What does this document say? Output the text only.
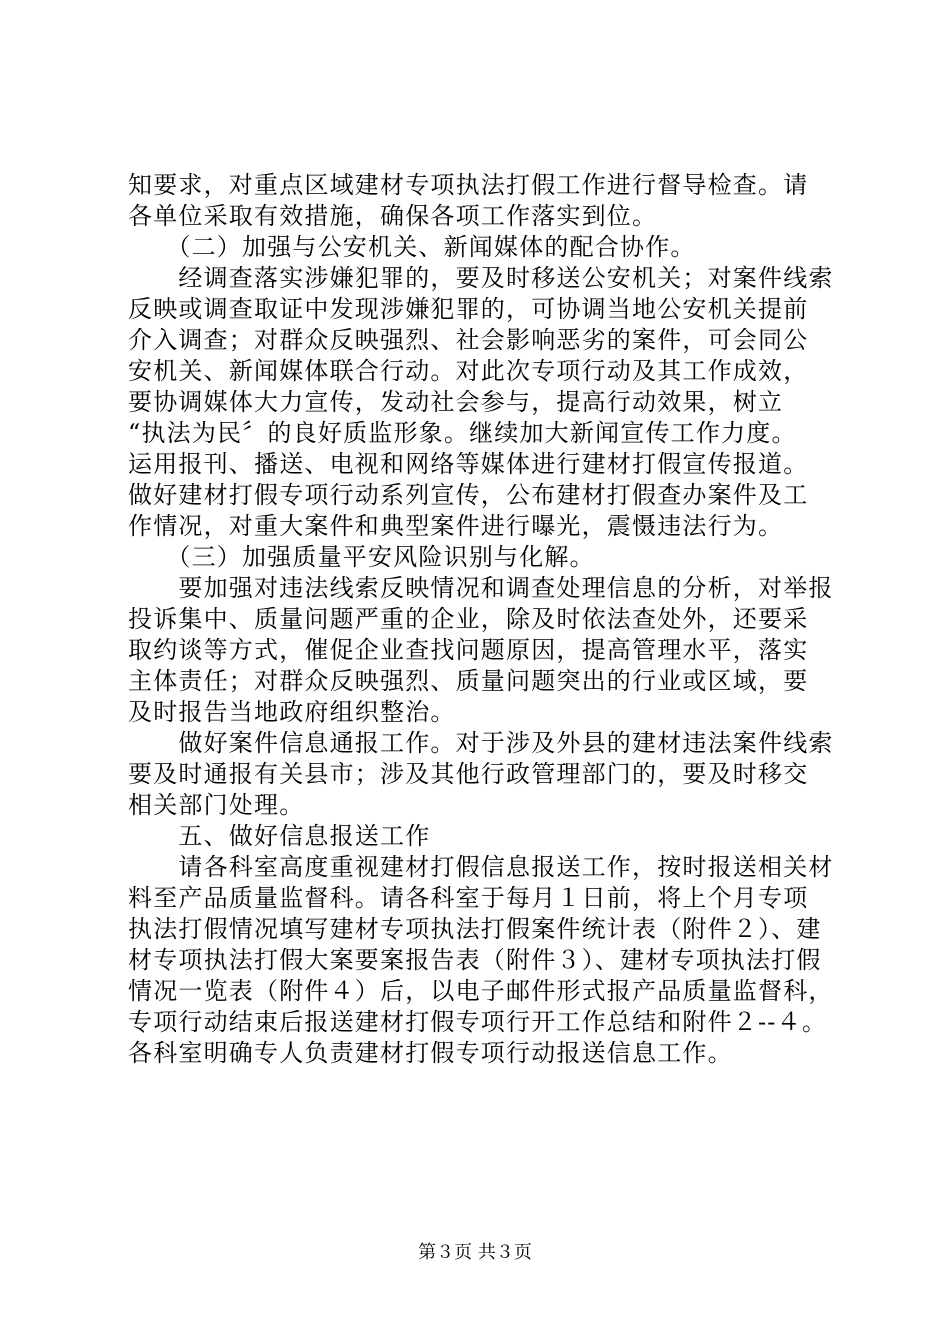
知要求，对重点区域建材专项执法打假工作进行督导检查。请
各单位采取有效措施，确保各项工作落实到位。
　　（二）加强与公安机关、新闻媒体的配合协作。
　　经调查落实涉嫌犯罪的，要及时移送公安机关；对案件线索
反映或调查取证中发现涉嫌犯罪的，可协调当地公安机关提前
介入调查；对群众反映强烈、社会影响恶劣的案件，可会同公
安机关、新闻媒体联合行动。对此次专项行动及其工作成效，
要协调媒体大力宣传，发动社会参与，提高行动效果，树立
“执法为民〞的良好质监形象。继续加大新闻宣传工作力度。
运用报刊、播送、电视和网络等媒体进行建材打假宣传报道。
做好建材打假专项行动系列宣传，公布建材打假查办案件及工
作情况，对重大案件和典型案件进行曝光，震慑违法行为。
　　（三）加强质量平安风险识别与化解。
　　要加强对违法线索反映情况和调查处理信息的分析，对举报
投诉集中、质量问题严重的企业，除及时依法查处外，还要采
取约谈等方式，催促企业查找问题原因，提高管理水平，落实
主体责任；对群众反映强烈、质量问题突出的行业或区域，要
及时报告当地政府组织整治。
　　做好案件信息通报工作。对于涉及外县的建材违法案件线索
要及时通报有关县市；涉及其他行政管理部门的，要及时移交
相关部门处理。
　　五、做好信息报送工作
　　请各科室高度重视建材打假信息报送工作，按时报送相关材
料至产品质量监督科。请各科室于每月１日前，将上个月专项
执法打假情况填写建材专项执法打假案件统计表（附件２）、建
材专项执法打假大案要案报告表（附件３）、建材专项执法打假
情况一览表（附件４）后，以电子邮件形式报产品质量监督科，
专项行动结束后报送建材打假专项行开工作总结和附件２--４。
各科室明确专人负责建材打假专项行动报送信息工作。
第３页 共３页
